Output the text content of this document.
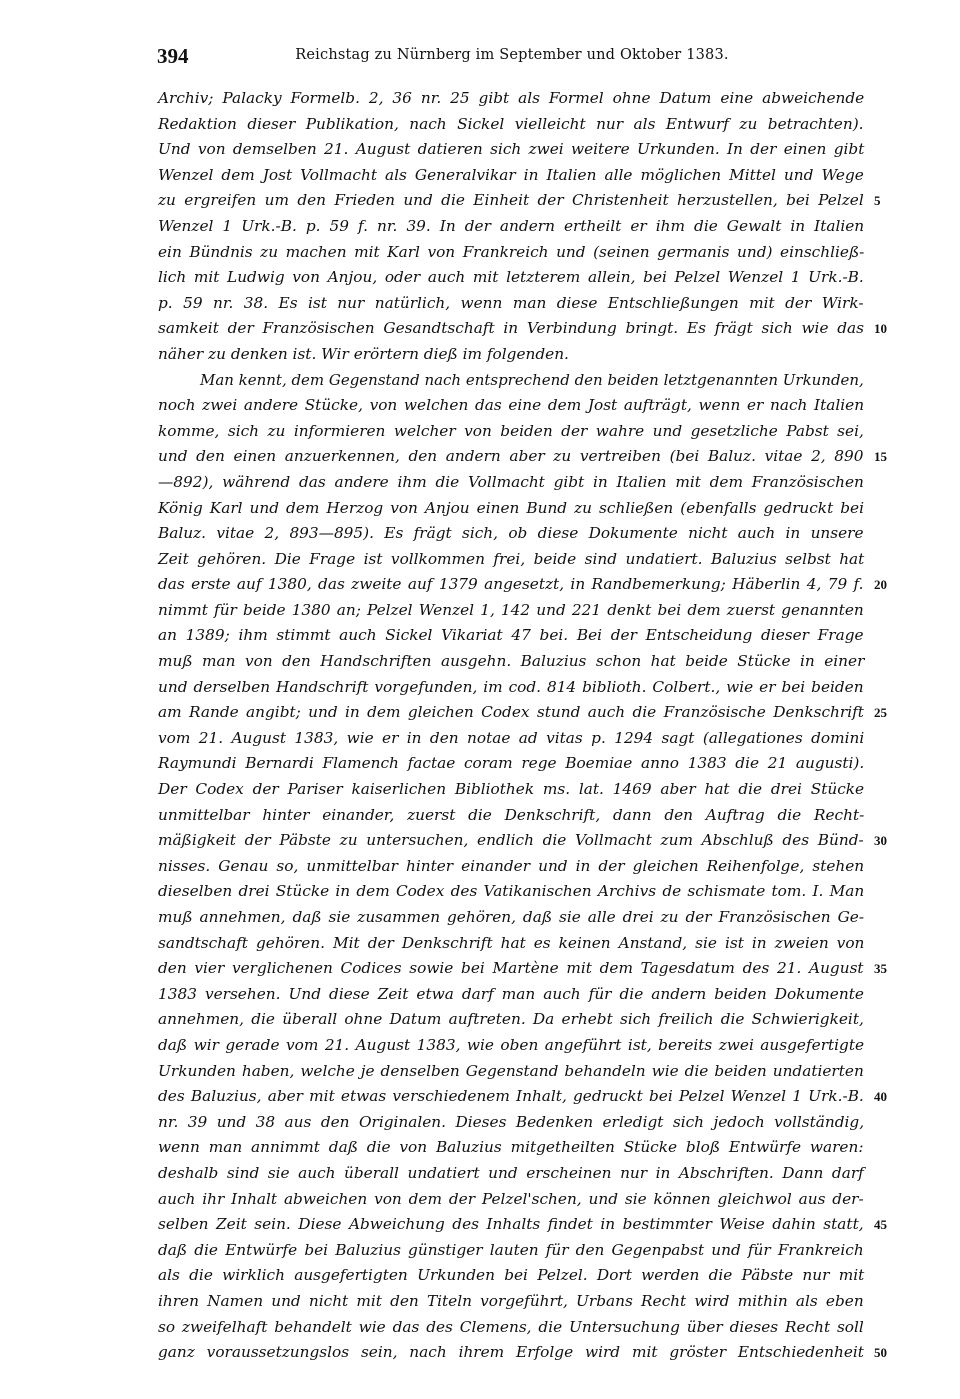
394	Reichstag zu Nürnberg im September und Oktober 1383.
Archiv; Palacky Formelb. 2, 36 nr. 25 gibt als Formel ohne Datum eine abweichende
Redaktion dieser Publikation, nach Sickel vielleicht nur als Entwurf zu betrachten).
Und von demselben 21. August datieren sich zwei weitere Urkunden. In der einen gibt
Wenzel dem Jost Vollmacht als Generalvikar in Italien alle möglichen Mittel und Wege
zu ergreifen um den Frieden und die Einheit der Christenheit herzustellen, bei Pelzel 5
Wenzel 1 Urk.-B. p. 59 f. nr. 39. In der andern ertheilt er ihm die Gewalt in Italien
ein Bündnis zu machen mit Karl von Frankreich und (seinen germanis und) einschließ-
lich mit Ludwig von Anjou, oder auch mit letzterem allein, bei Pelzel Wenzel 1 Urk.-B.
p. 59 nr. 38. Es ist nur natürlich, wenn man diese Entschließungen mit der Wirk-
samkeit der Französischen Gesandtschaft in Verbindung bringt. Es frägt sich wie das 10
näher zu denken ist. Wir erörtern dieß im folgenden.
Man kennt, dem Gegenstand nach entsprechend den beiden letztgenannten Urkunden,
noch zwei andere Stücke, von welchen das eine dem Jost aufträgt, wenn er nach Italien
komme, sich zu informieren welcher von beiden der wahre und gesetzliche Pabst sei,
und den einen anzuerkennen, den andern aber zu vertreiben (bei Baluz. vitae 2, 890 15
—892), während das andere ihm die Vollmacht gibt in Italien mit dem Französischen
König Karl und dem Herzog von Anjou einen Bund zu schließen (ebenfalls gedruckt bei
Baluz. vitae 2, 893—895). Es frägt sich, ob diese Dokumente nicht auch in unsere
Zeit gehören. Die Frage ist vollkommen frei, beide sind undatiert. Baluzius selbst hat
das erste auf 1380, das zweite auf 1379 angesetzt, in Randbemerkung; Häberlin 4, 79 f. 20
nimmt für beide 1380 an; Pelzel Wenzel 1, 142 und 221 denkt bei dem zuerst genannten
an 1389; ihm stimmt auch Sickel Vikariat 47 bei. Bei der Entscheidung dieser Frage
muß man von den Handschriften ausgehn. Baluzius schon hat beide Stücke in einer
und derselben Handschrift vorgefunden, im cod. 814 biblioth. Colbert., wie er bei beiden
am Rande angibt; und in dem gleichen Codex stund auch die Französische Denkschrift 25
vom 21. August 1383, wie er in den notae ad vitas p. 1294 sagt (allegationes domini
Raymundi Bernardi Flamench factae coram rege Boemiae anno 1383 die 21 augusti).
Der Codex der Pariser kaiserlichen Bibliothek ms. lat. 1469 aber hat die drei Stücke
unmittelbar hinter einander, zuerst die Denkschrift, dann den Auftrag die Recht-
mäßigkeit der Päbste zu untersuchen, endlich die Vollmacht zum Abschluß des Bünd- 30
nisses. Genau so, unmittelbar hinter einander und in der gleichen Reihenfolge, stehen
dieselben drei Stücke in dem Codex des Vatikanischen Archivs de schismate tom. I. Man
muß annehmen, daß sie zusammen gehören, daß sie alle drei zu der Französischen Ge-
sandtschaft gehören. Mit der Denkschrift hat es keinen Anstand, sie ist in zweien von
den vier verglichenen Codices sowie bei Martène mit dem Tagesdatum des 21. August 35
1383 versehen. Und diese Zeit etwa darf man auch für die andern beiden Dokumente
annehmen, die überall ohne Datum auftreten. Da erhebt sich freilich die Schwierigkeit,
daß wir gerade vom 21. August 1383, wie oben angeführt ist, bereits zwei ausgefertigte
Urkunden haben, welche je denselben Gegenstand behandeln wie die beiden undatierten
des Baluzius, aber mit etwas verschiedenem Inhalt, gedruckt bei Pelzel Wenzel 1 Urk.-B. 40
nr. 39 und 38 aus den Originalen. Dieses Bedenken erledigt sich jedoch vollständig,
wenn man annimmt daß die von Baluzius mitgetheilten Stücke bloß Entwürfe waren:
deshalb sind sie auch überall undatiert und erscheinen nur in Abschriften. Dann darf
auch ihr Inhalt abweichen von dem der Pelzel'schen, und sie können gleichwol aus der-
selben Zeit sein. Diese Abweichung des Inhalts findet in bestimmter Weise dahin statt, 45
daß die Entwürfe bei Baluzius günstiger lauten für den Gegenpabst und für Frankreich
als die wirklich ausgefertigten Urkunden bei Pelzel. Dort werden die Päbste nur mit
ihren Namen und nicht mit den Titeln vorgeführt, Urbans Recht wird mithin als eben
so zweifelhaft behandelt wie das des Clemens, die Untersuchung über dieses Recht soll
ganz voraussetzungslos sein, nach ihrem Erfolge wird mit gröster Entschiedenheit 50
